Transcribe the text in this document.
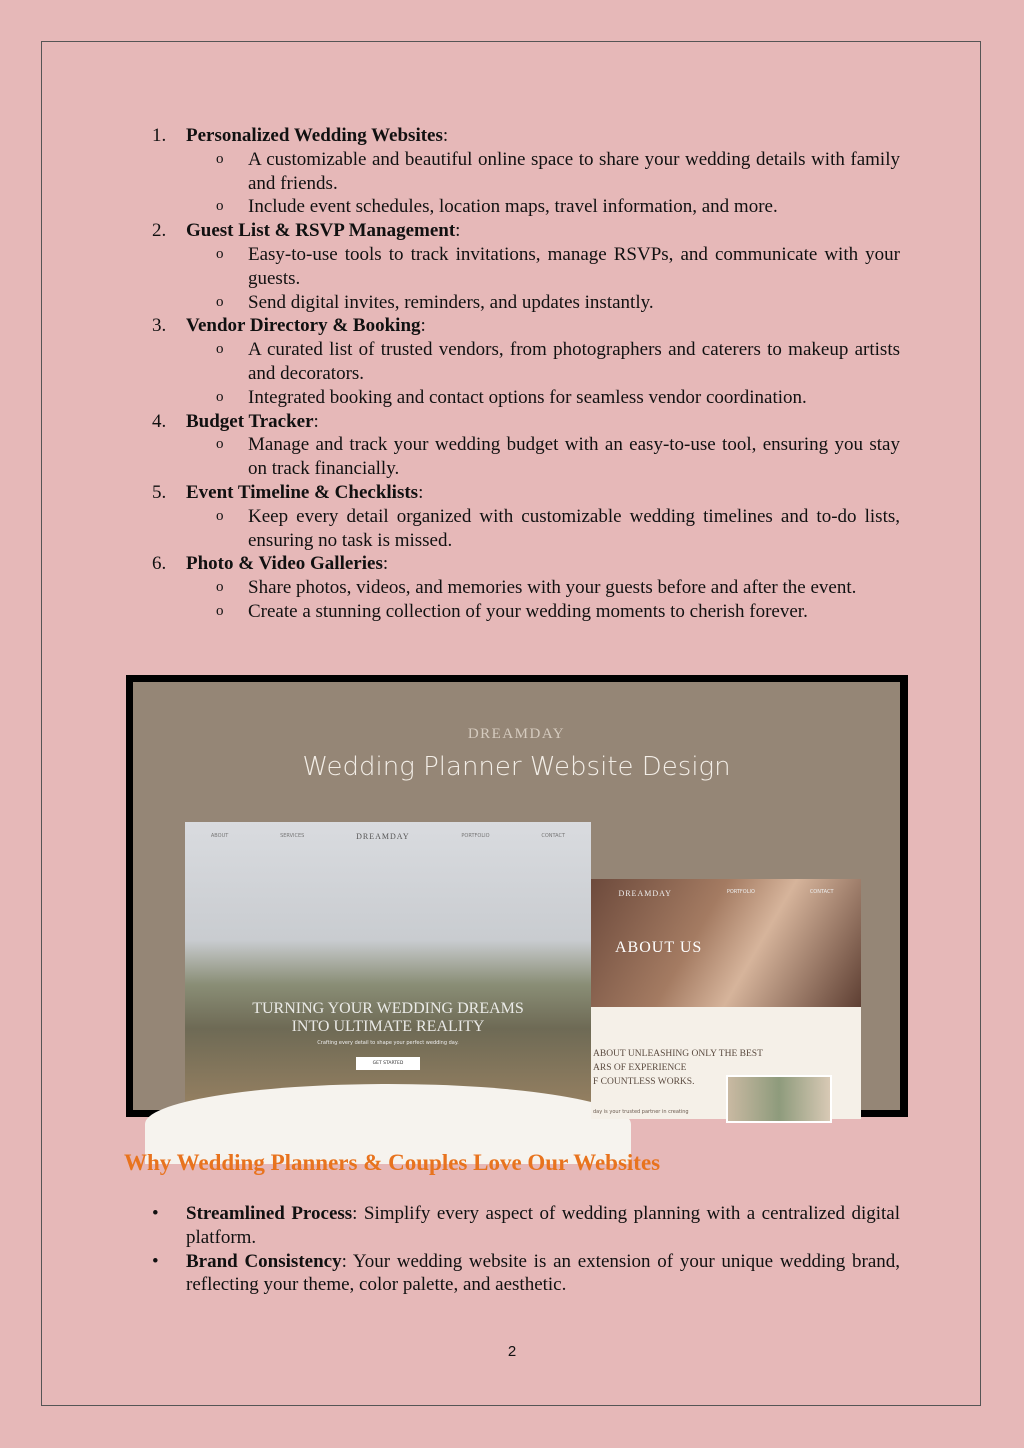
1. Personalized Wedding Websites:
o A customizable and beautiful online space to share your wedding details with family and friends.
o Include event schedules, location maps, travel information, and more.
2. Guest List & RSVP Management:
o Easy-to-use tools to track invitations, manage RSVPs, and communicate with your guests.
o Send digital invites, reminders, and updates instantly.
3. Vendor Directory & Booking:
o A curated list of trusted vendors, from photographers and caterers to makeup artists and decorators.
o Integrated booking and contact options for seamless vendor coordination.
4. Budget Tracker:
o Manage and track your wedding budget with an easy-to-use tool, ensuring you stay on track financially.
5. Event Timeline & Checklists:
o Keep every detail organized with customizable wedding timelines and to-do lists, ensuring no task is missed.
6. Photo & Video Galleries:
o Share photos, videos, and memories with your guests before and after the event.
o Create a stunning collection of your wedding moments to cherish forever.
DREAMDAY
Wedding Planner Website Design
ABOUT	SERVICES	DREAMDAY	PORTFOLIO	CONTACT
TURNING YOUR WEDDING DREAMS
INTO ULTIMATE REALITY
Crafting every detail to shape your perfect wedding day.
GET STARTED
DREAMDAY	PORTFOLIO	CONTACT
ABOUT US
ABOUT UNLEASHING ONLY THE BEST
ARS OF EXPERIENCE
F COUNTLESS WORKS.
day is your trusted partner in creating
Why Wedding Planners & Couples Love Our Websites
• Streamlined Process: Simplify every aspect of wedding planning with a centralized digital platform.
• Brand Consistency: Your wedding website is an extension of your unique wedding brand, reflecting your theme, color palette, and aesthetic.
2
